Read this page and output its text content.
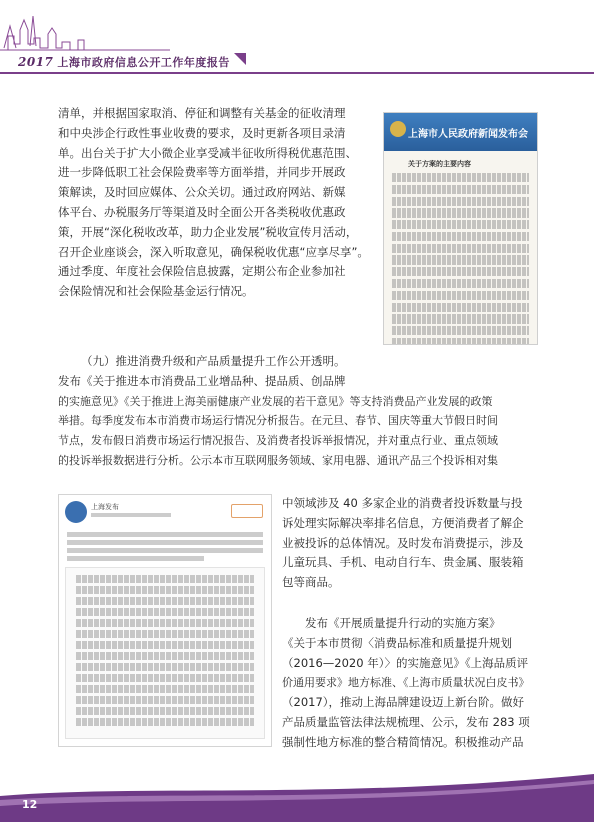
2017 上海市政府信息公开工作年度报告
清单，并根据国家取消、停征和调整有关基金的征收清理
和中央涉企行政性事业收费的要求，及时更新各项目录清
单。出台关于扩大小微企业享受减半征收所得税优惠范围、
进一步降低职工社会保险费率等方面举措，并同步开展政
策解读，及时回应媒体、公众关切。通过政府网站、新媒
体平台、办税服务厅等渠道及时全面公开各类税收优惠政
策，开展“深化税收改革，助力企业发展”税收宣传月活动，
召开企业座谈会，深入听取意见，确保税收优惠“应享尽享”。
通过季度、年度社会保险信息披露，定期公布企业参加社
会保险情况和社会保险基金运行情况。
上海市人民政府新闻发布会
关于方案的主要内容
（九）推进消费升级和产品质量提升工作公开透明。
发布《关于推进本市消费品工业增品种、提品质、创品牌
的实施意见》《关于推进上海美丽健康产业发展的若干意见》等支持消费品产业发展的政策
举措。每季度发布本市消费市场运行情况分析报告。在元旦、春节、国庆等重大节假日时间
节点，发布假日消费市场运行情况报告、及消费者投诉举报情况，并对重点行业、重点领域
的投诉举报数据进行分析。公示本市互联网服务领域、家用电器、通讯产品三个投诉相对集
上海发布	中领域涉及 40 多家企业的消费者投诉数量与投
诉处理实际解决率排名信息，方便消费者了解企
业被投诉的总体情况。及时发布消费提示，涉及
儿童玩具、手机、电动自行车、贵金属、服装箱
包等商品。
发布《开展质量提升行动的实施方案》
《关于本市贯彻〈消费品标准和质量提升规划
（2016—2020 年）〉的实施意见》《上海品质评
价通用要求》地方标准、《上海市质量状况白皮书》
（2017），推动上海品牌建设迈上新台阶。做好
产品质量监管法律法规梳理、公示，发布 283 项
强制性地方标准的整合精简情况。积极推动产品
12
